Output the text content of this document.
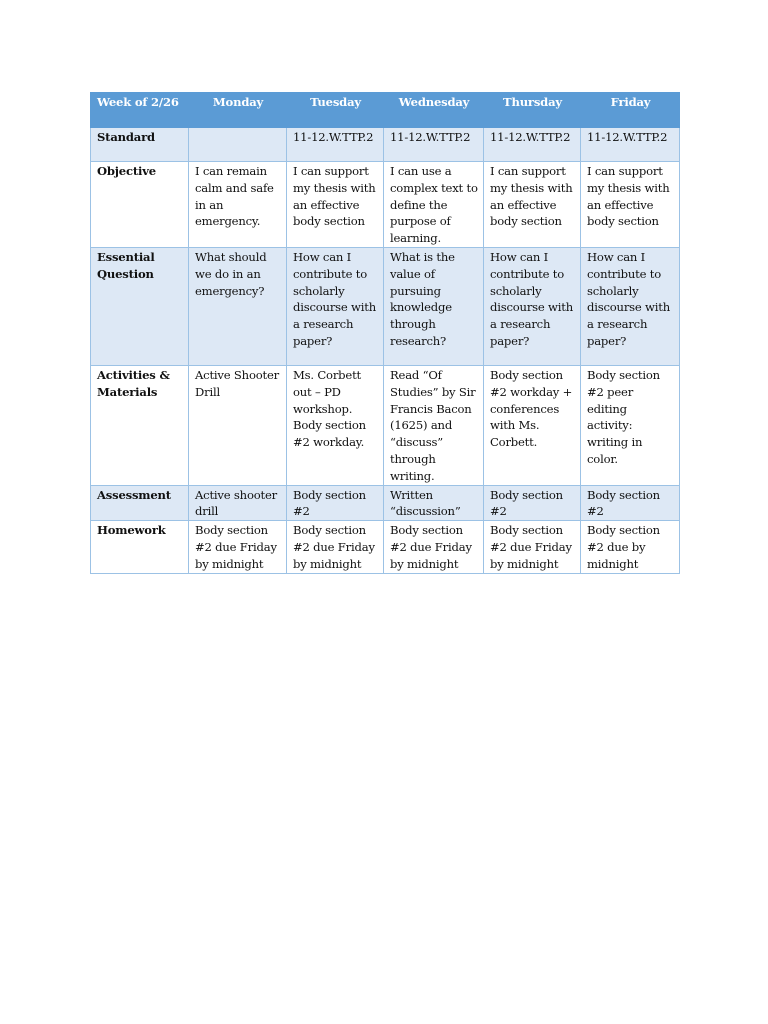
Week of 2/26	Monday	Tuesday	Wednesday	Thursday	Friday
Standard		11-12.W.TTP.2	11-12.W.TTP.2	11-12.W.TTP.2	11-12.W.TTP.2
Objective	I can remain calm and safe in an emergency.	I can support my thesis with an effective body section	I can use a complex text to define the purpose of learning.	I can support my thesis with an effective body section	I can support my thesis with an effective body section
Essential Question	What should we do in an emergency?	How can I contribute to scholarly discourse with a research paper?	What is the value of pursuing knowledge through research?	How can I contribute to scholarly discourse with a research paper?	How can I contribute to scholarly discourse with a research paper?
Activities & Materials	Active Shooter Drill	Ms. Corbett out – PD workshop. Body section #2 workday.	Read “Of Studies” by Sir Francis Bacon (1625) and “discuss” through writing.	Body section #2 workday + conferences with Ms. Corbett.	Body section #2 peer editing activity: writing in color.
Assessment	Active shooter drill	Body section #2	Written “discussion”	Body section #2	Body section #2
Homework	Body section #2 due Friday by midnight	Body section #2 due Friday by midnight	Body section #2 due Friday by midnight	Body section #2 due Friday by midnight	Body section #2 due by midnight
